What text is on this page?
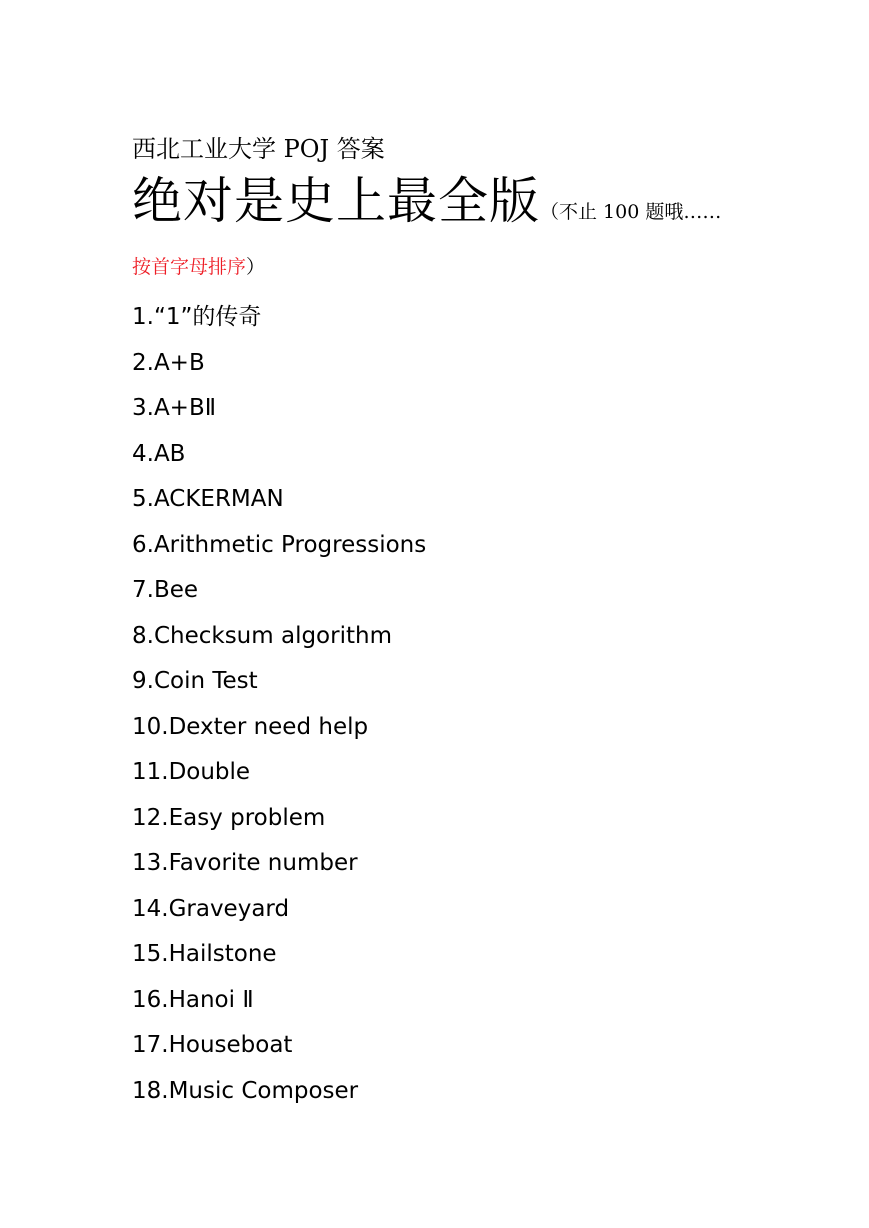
西北工业大学 POJ 答案
绝对是史上最全版（不止 100 题哦……
按首字母排序）
1.“1”的传奇
2.A+B
3.A+BⅡ
4.AB
5.ACKERMAN
6.Arithmetic Progressions
7.Bee
8.Checksum algorithm
9.Coin Test
10.Dexter need help
11.Double
12.Easy problem
13.Favorite number
14.Graveyard
15.Hailstone
16.Hanoi Ⅱ
17.Houseboat
18.Music Composer
